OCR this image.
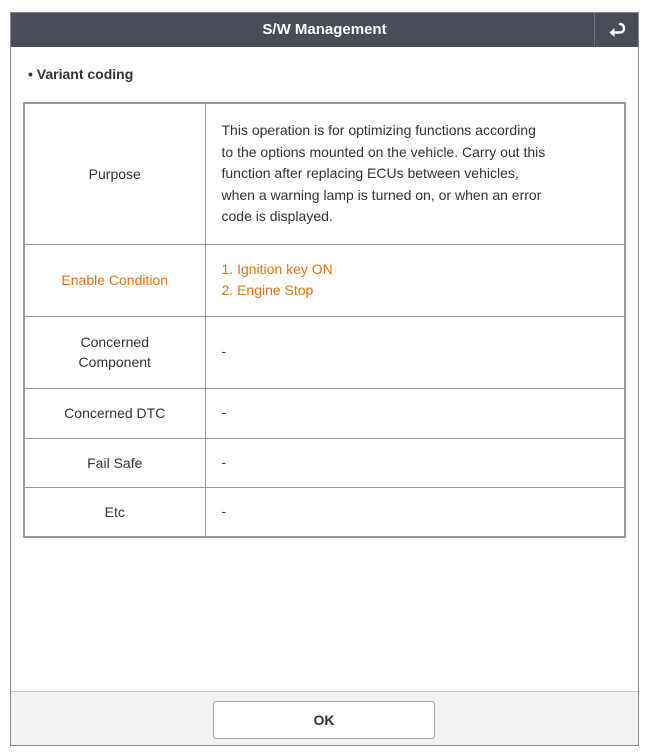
S/W Management
• Variant coding
Purpose	This operation is for optimizing functions according
to the options mounted on the vehicle. Carry out this
function after replacing ECUs between vehicles,
when a warning lamp is turned on, or when an error
code is displayed.

Enable Condition	1. Ignition key ON
2. Engine Stop

Concerned
Component	-
Concerned DTC	-
Fail Safe	-
Etc	-
OK
